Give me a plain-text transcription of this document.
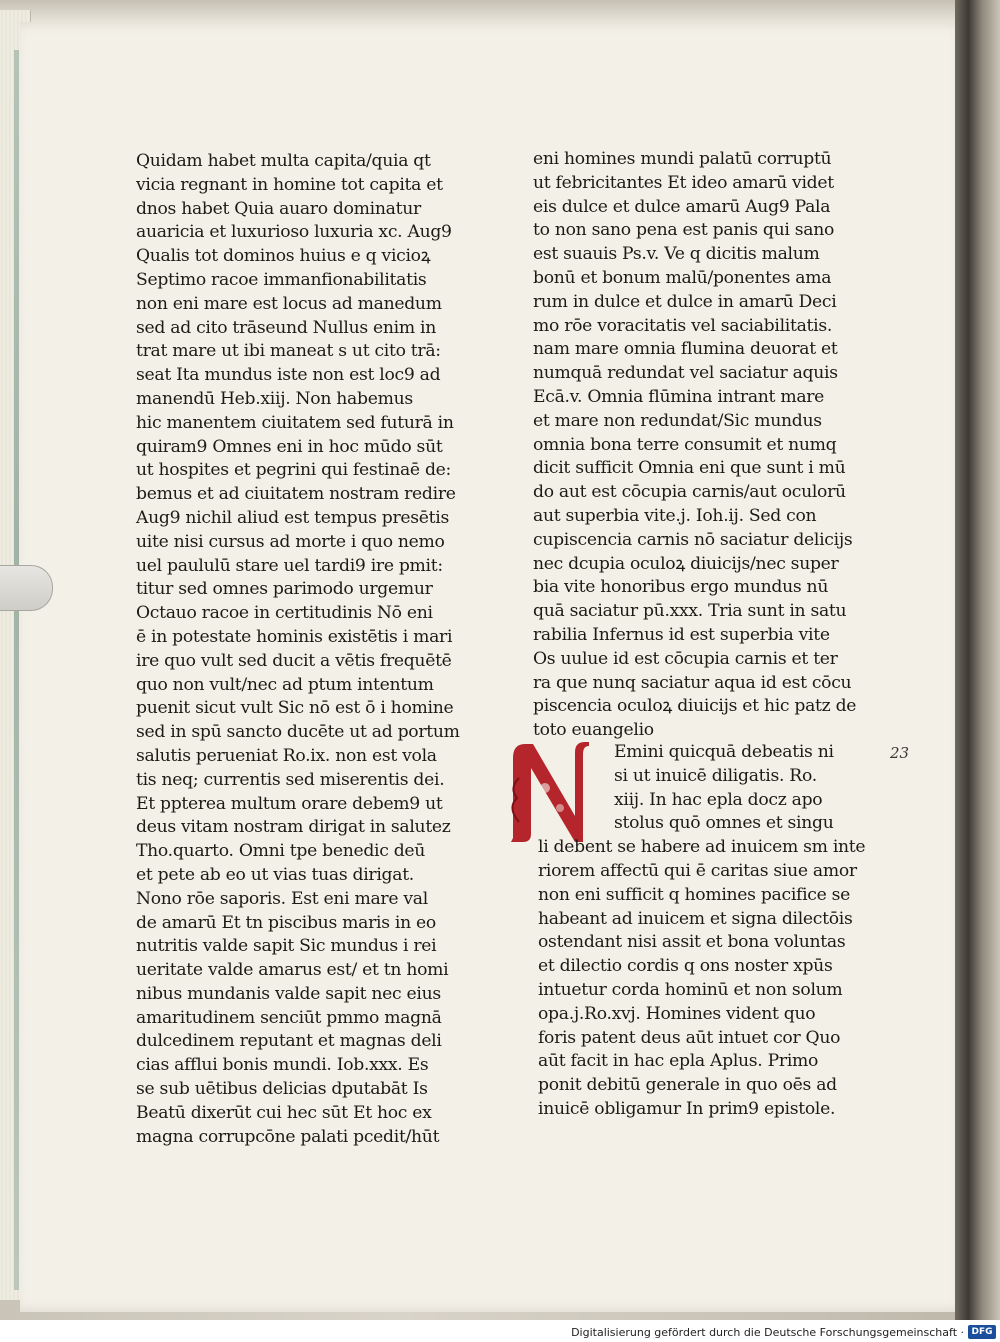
Quidam habet multa capita/quia qt
vicia regnant in homine tot capita et
dnos habet Quia auaro dominatur
auaricia et luxurioso luxuria xc. Aug9
Qualis tot dominos huius e q vicioꝝ
Septimo racoe immanfionabilitatis
non eni mare est locus ad manedum
sed ad cito trāseund Nullus enim in
trat mare ut ibi maneat s ut cito trā:
seat Ita mundus iste non est loc9 ad
manendū Heb.xiij. Non habemus
hic manentem ciuitatem sed futurā in
quiram9 Omnes eni in hoc mūdo sūt
ut hospites et pegrini qui festinaē de:
bemus et ad ciuitatem nostram redire
Aug9 nichil aliud est tempus presētis
uite nisi cursus ad morte i quo nemo
uel paululū stare uel tardi9 ire pmit:
titur sed omnes parimodo urgemur
Octauo racoe in certitudinis Nō eni
ē in potestate hominis existētis i mari
ire quo vult sed ducit a vētis frequētē
quo non vult/nec ad ptum intentum
puenit sicut vult Sic nō est ō i homine
sed in spū sancto ducēte ut ad portum
salutis perueniat Ro.ix. non est vola
tis neq; currentis sed miserentis dei.
Et ppterea multum orare debem9 ut
deus vitam nostram dirigat in salutez
Tho.quarto. Omni tpe benedic deū
et pete ab eo ut vias tuas dirigat.
Nono rōe saporis. Est eni mare val
de amarū Et tn piscibus maris in eo
nutritis valde sapit Sic mundus i rei
ueritate valde amarus est/ et tn homi
nibus mundanis valde sapit nec eius
amaritudinem senciūt pmmo magnā
dulcedinem reputant et magnas deli
cias afflui bonis mundi. Iob.xxx. Es
se sub uētibus delicias dputabāt Is
Beatū dixerūt cui hec sūt Et hoc ex
magna corrupcōne palati pcedit/hūt
eni homines mundi palatū corruptū
ut febricitantes Et ideo amarū videt
eis dulce et dulce amarū Aug9 Pala
to non sano pena est panis qui sano
est suauis Ps.v. Ve q dicitis malum
bonū et bonum malū/ponentes ama
rum in dulce et dulce in amarū Deci
mo rōe voracitatis vel saciabilitatis.
nam mare omnia flumina deuorat et
numquā redundat vel saciatur aquis
Ecā.v. Omnia flūmina intrant mare
et mare non redundat/Sic mundus
omnia bona terre consumit et numq
dicit sufficit Omnia eni que sunt i mū
do aut est cōcupia carnis/aut oculorū
aut superbia vite.j. Ioh.ij. Sed con
cupiscencia carnis nō saciatur delicijs
nec dcupia oculoꝝ diuicijs/nec super
bia vite honoribus ergo mundus nū
quā saciatur pū.xxx. Tria sunt in satu
rabilia Infernus id est superbia vite
Os uulue id est cōcupia carnis et ter
ra que nunq saciatur aqua id est cōcu
piscencia oculoꝝ diuicijs et hic patz de
toto euangelio
Emini quicquā debeatis ni
si ut inuicē diligatis. Ro.
xiij. In hac epla docz apo
stolus quō omnes et singu
li debent se habere ad inuicem sm inte
riorem affectū qui ē caritas siue amor
non eni sufficit q homines pacifice se
habeant ad inuicem et signa dilectōis
ostendant nisi assit et bona voluntas
et dilectio cordis q ons noster xpūs
intuetur corda hominū et non solum
opa.j.Ro.xvj. Homines vident quo
foris patent deus aūt intuet cor Quo
aūt facit in hac epla Aplus. Primo
ponit debitū generale in quo oēs ad
inuicē obligamur In prim9 epistole.
23
Digitalisierung gefördert durch die Deutsche Forschungsgemeinschaft · DFG
